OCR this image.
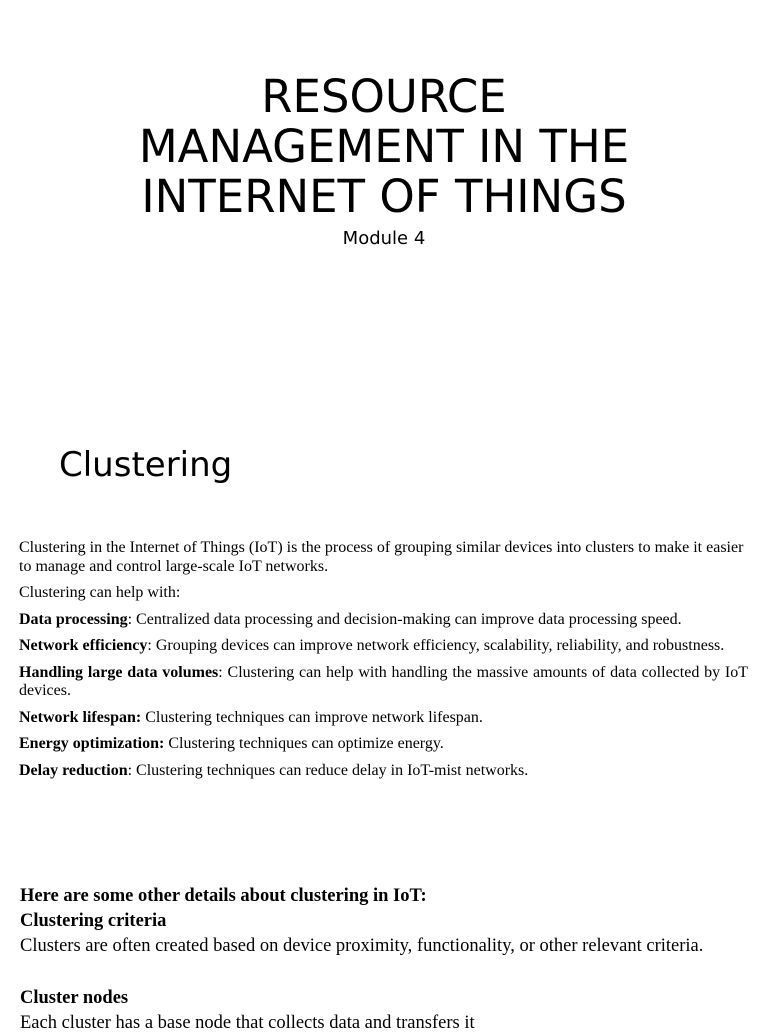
RESOURCE
MANAGEMENT IN THE
INTERNET OF THINGS
Module 4
Clustering

Clustering in the Internet of Things (IoT) is the process of grouping similar devices into clusters to make it easier to manage and control large-scale IoT networks.

Clustering can help with:

Data processing: Centralized data processing and decision-making can improve data processing speed.

Network efficiency: Grouping devices can improve network efficiency, scalability, reliability, and robustness.

Handling large data volumes: Clustering can help with handling the massive amounts of data collected by IoT devices.

Network lifespan: Clustering techniques can improve network lifespan.

Energy optimization: Clustering techniques can optimize energy.

Delay reduction: Clustering techniques can reduce delay in IoT-mist networks.

Here are some other details about clustering in IoT:
Clustering criteria
Clusters are often created based on device proximity, functionality, or other relevant criteria.
Cluster nodes
Each cluster has a base node that collects data and transfers it
